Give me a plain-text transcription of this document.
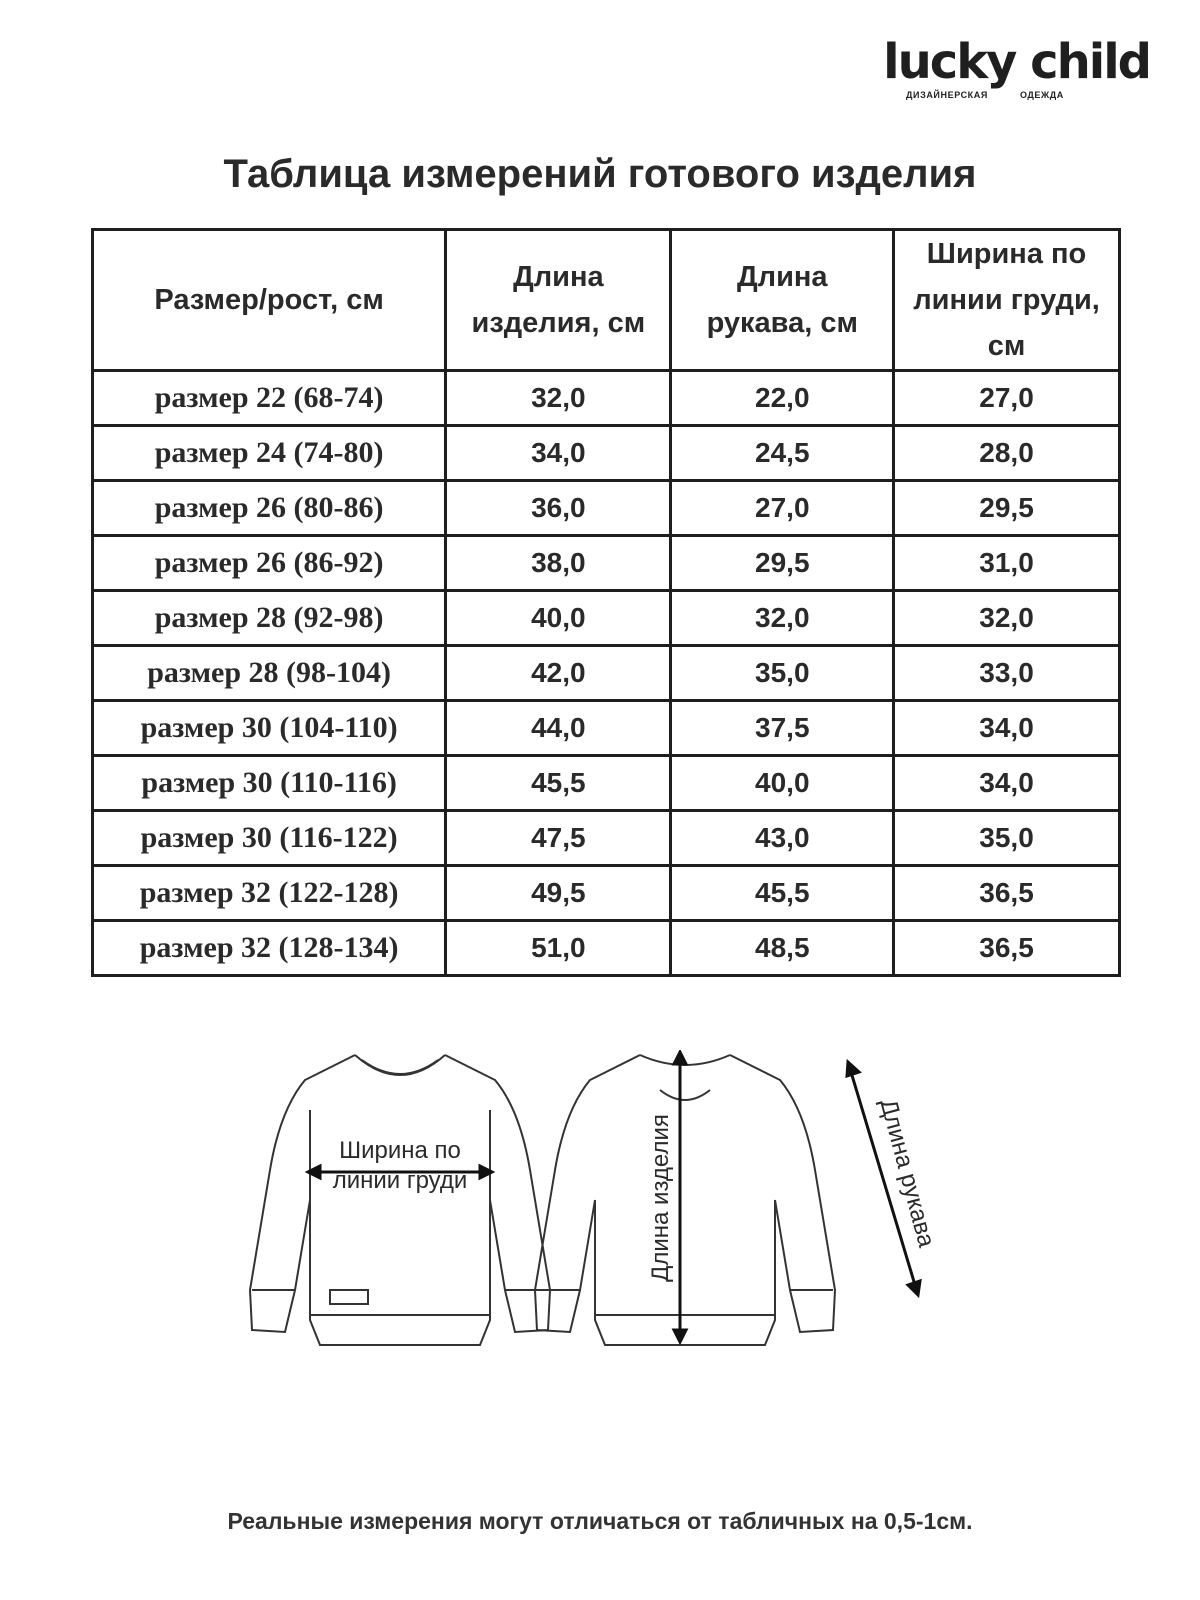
lucky child
ДИЗАЙНЕРСКАЯ	ОДЕЖДА
Таблица измерений готового изделия
Размер/рост, см	Длина изделия, см	Длина рукава, см	Ширина по линии груди, см

размер 22 (68-74)	32,0	22,0	27,0
размер 24 (74-80)	34,0	24,5	28,0
размер 26 (80-86)	36,0	27,0	29,5
размер 26 (86-92)	38,0	29,5	31,0
размер 28 (92-98)	40,0	32,0	32,0
размер 28 (98-104)	42,0	35,0	33,0
размер 30 (104-110)	44,0	37,5	34,0
размер 30 (110-116)	45,5	40,0	34,0
размер 30 (116-122)	47,5	43,0	35,0
размер 32 (122-128)	49,5	45,5	36,5
размер 32 (128-134)	51,0	48,5	36,5
Ширина по
линии груди	Длина изделия	Длина рукава

Реальные измерения могут отличаться от табличных на 0,5-1см.
